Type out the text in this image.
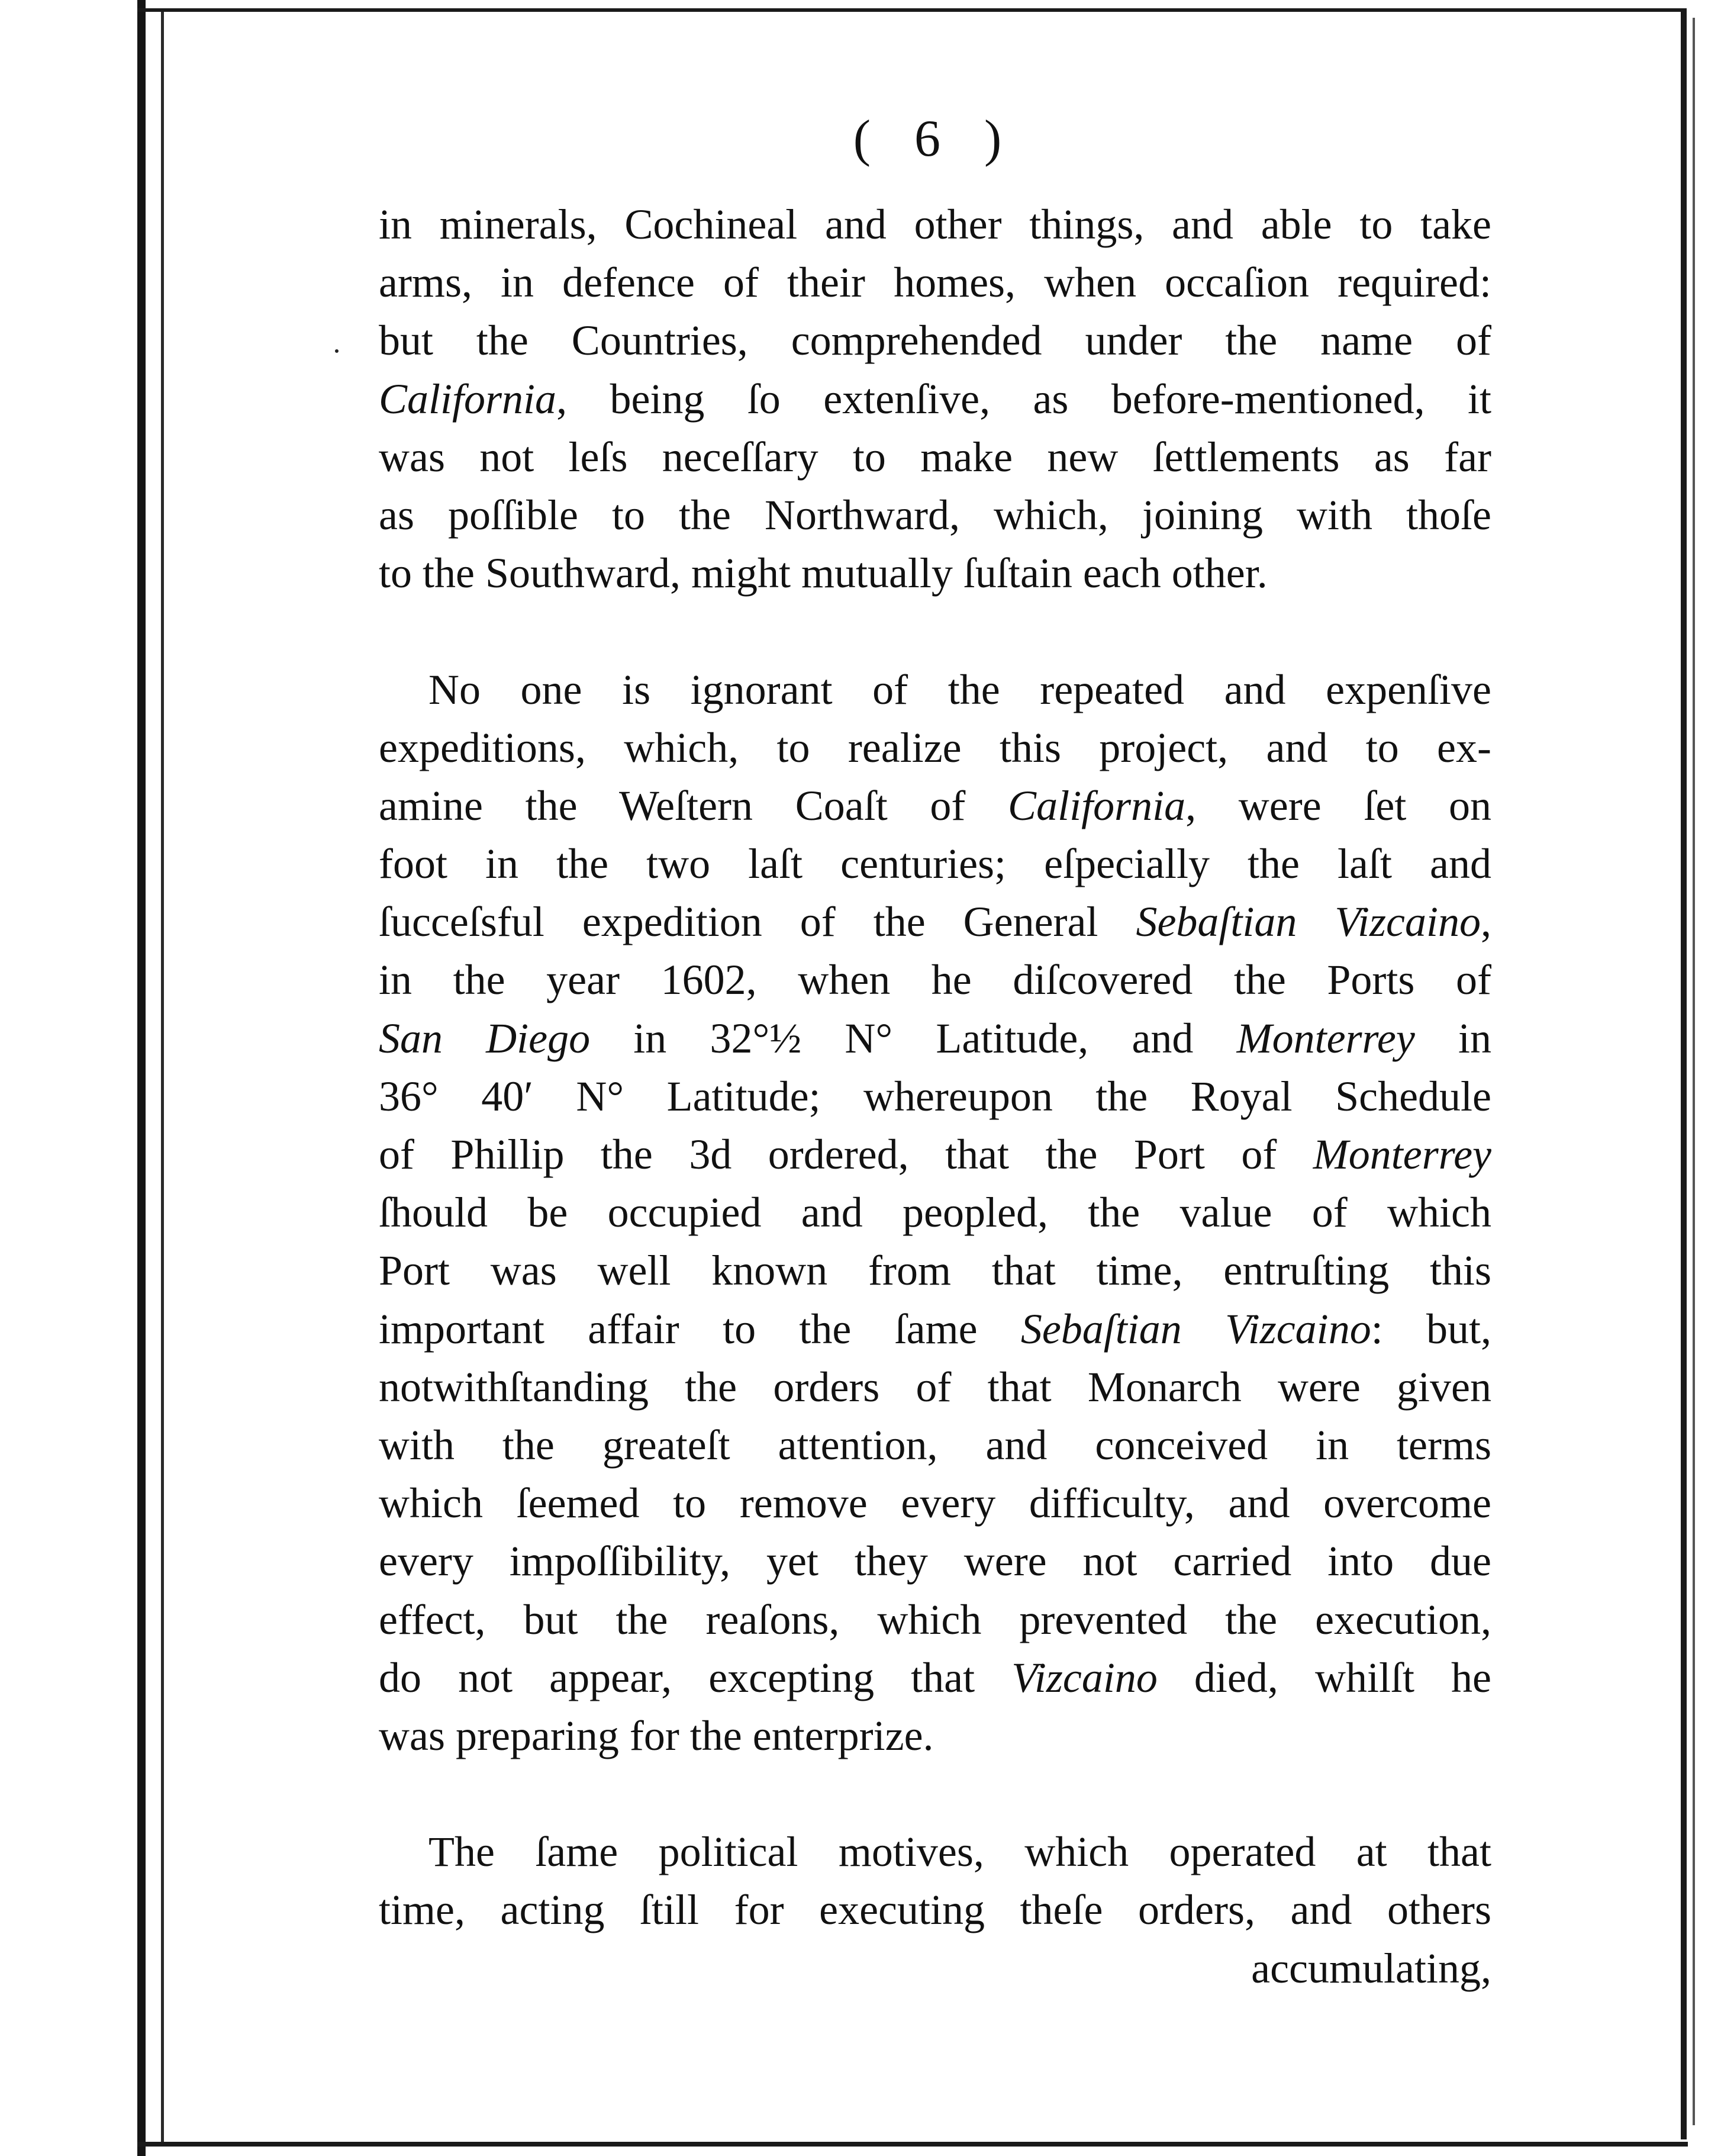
( 6 )
in minerals, Cochineal and other things, and able to take
arms, in defence of their homes, when occaſion required:
but the Countries, comprehended under the name of
California, being ſo extenſive, as before-mentioned, it
was not leſs neceſſary to make new ſettlements as far
as poſſible to the Northward, which, joining with thoſe
to the Southward, might mutually ſuſtain each other.
No one is ignorant of the repeated and expenſive
expeditions, which, to realize this project, and to ex-
amine the Weſtern Coaſt of California, were ſet on
foot in the two laſt centuries; eſpecially the laſt and
ſucceſsful expedition of the General Sebaſtian Vizcaino,
in the year 1602, when he diſcovered the Ports of
San Diego in 32°½ N° Latitude, and Monterrey in
36° 40′ N° Latitude; whereupon the Royal Schedule
of Phillip the 3d ordered, that the Port of Monterrey
ſhould be occupied and peopled, the value of which
Port was well known from that time, entruſting this
important affair to the ſame Sebaſtian Vizcaino: but,
notwithſtanding the orders of that Monarch were given
with the greateſt attention, and conceived in terms
which ſeemed to remove every difficulty, and overcome
every impoſſibility, yet they were not carried into due
effect, but the reaſons, which prevented the execution,
do not appear, excepting that Vizcaino died, whilſt he
was preparing for the enterprize.
The ſame political motives, which operated at that
time, acting ſtill for executing theſe orders, and others
accumulating,
